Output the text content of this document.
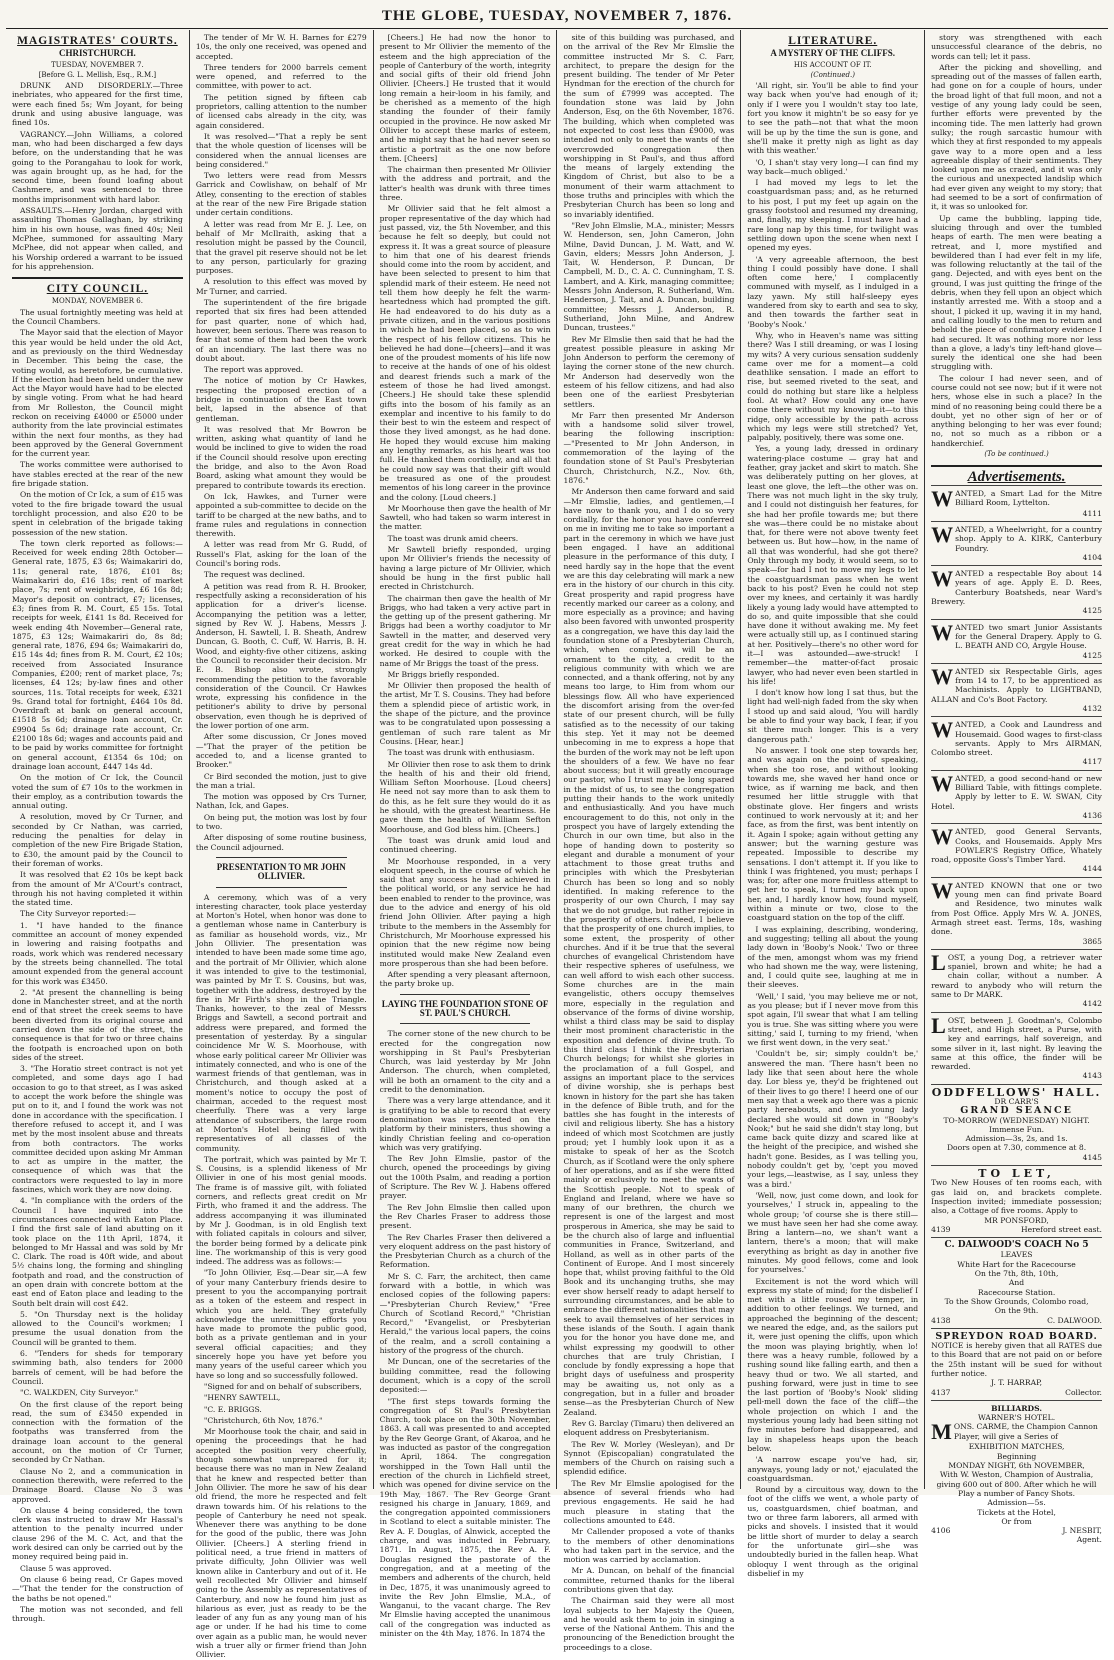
THE GLOBE, TUESDAY, NOVEMBER 7, 1876.
MAGISTRATES' COURTS.
CHRISTCHURCH.
TUESDAY, NOVEMBER 7.
[Before G. L. Mellish, Esq., R.M.]

DRUNK AND DISORDERLY.—Three inebriates, who appeared for the first time, were each fined 5s; Wm Joyant, for being drunk and using abusive language, was fined 10s.

VAGRANCY.—John Williams, a colored man, who had been discharged a few days before, on the understanding that he was going to the Porangahau to look for work, was again brought up, as he had, for the second time, been found loafing about Cashmere, and was sentenced to three months imprisonment with hard labor.

ASSAULTS.—Henry Jordan, charged with assaulting Thomas Gallaghan, by striking him in his own house, was fined 40s; Neil McPhee, summoned for assaulting Mary McPhee, did not appear when called, and his Worship ordered a warrant to be issued for his apprehension.

CITY COUNCIL.
MONDAY, NOVEMBER 6.

The usual fortnightly meeting was held at the Council Chambers.

The Mayor said that the election of Mayor this year would be held under the old Act, and as previously on the third Wednesday in December. This being the case, the voting would, as heretofore, be cumulative. If the election had been held under the new Act the Mayor would have had to be elected by single voting. From what he had heard from Mr Rolleston, the Council might reckon on receiving £4000 or £5000 under authority from the late provincial estimates within the next four months, as they had been approved by the General Government for the current year.

The works committee were authorised to have stables erected at the rear of the new fire brigade station.

On the motion of Cr Ick, a sum of £15 was voted to the fire brigade toward the usual torchlight procession, and also £20 to be spent in celebration of the brigade taking possession of the new station.

The town clerk reported as follows:—Received for week ending 28th October—General rate, 1875, £3 6s; Waimakariri do, 11s; general rate, 1876, £101 8s; Waimakariri do, £16 18s; rent of market place, 7s; rent of weighbridge, £6 16s 8d; Mayor's deposit on contract, £7; licenses, £3; fines from R. M. Court, £5 15s. Total receipts for week, £141 1s 8d. Received for week ending 4th November—General rate, 1875, £3 12s; Waimakariri do, 8s 8d; general rate, 1876, £94 6s; Waimakariri do, £15 14s 4d; fines from R. M. Court, £2 10s; received from Associated Insurance Companies, £200; rent of market place, 7s; licenses, £4 12s; by-law fines and other sources, 11s. Total receipts for week, £321 9s. Grand total for fortnight, £464 10s 8d. Overdraft at bank on general account, £1518 5s 6d; drainage loan account, Cr. £9904 5s 6d; drainage rate account, Cr. £2100 18s 6d; wages and accounts paid and to be paid by works committee for fortnight on general account, £1354 6s 10d; on drainage loan account, £447 14s 4d.

On the motion of Cr Ick, the Council voted the sum of £7 10s to the workmen in their employ, as a contribution towards the annual outing.

A resolution, moved by Cr Turner, and seconded by Cr Nathan, was carried, reducing the penalties for delay in completion of the new Fire Brigade Station, to £30, the amount paid by the Council to their foreman of works.

It was resolved that £2 10s be kept back from the amount of Mr A'Court's contract, through his not having completed it within the stated time.

The City Surveyor reported:—

1. "I have handed to the finance committee an account of money expended in lowering and raising footpaths and roads, work which was rendered necessary by the streets being channelled. The total amount expended from the general account for this work was £3450.

2. "At present the channelling is being done in Manchester street, and at the north end of that street the creek seems to have been diverted from its original course and carried down the side of the street, the consequence is that for two or three chains the footpath is encroached upon on both sides of the street.

3. "The Horatio street contract is not yet completed, and some days ago I had occasion to go to that street, as I was asked to accept the work before the shingle was put on to it, and I found the work was not done in accordance with the specification. I therefore refused to accept it, and I was met by the most insolent abuse and threats from both contractors. The works committee decided upon asking Mr Amman to act as umpire in the matter, the consequence of which was that the contractors were requested to lay in more fascines, which work they are now doing.

4. "In compliance with the orders of the Council I have inquired into the circumstances connected with Eaton Place. I find the first sale of land abutting on it took place on the 11th April, 1874, it belonged to Mr Hassal and was sold by Mr C. Clark. The road is 40ft wide, and about 5½ chains long, the forming and shingling footpath and road, and the construction of an open drain with concrete bottom at the east end of Eaton place and leading to the South belt drain will cost £42.

5. "On Thursday next is the holiday allowed to the Council's workmen; I presume the usual donation from the Council will be granted to them.

6. "Tenders for sheds for temporary swimming bath, also tenders for 2000 barrels of cement, will be had before the Council.

"C. WALKDEN, City Surveyor."

On the first clause of the report being read, the sum of £3450 expended in connection with the formation of the footpaths was transferred from the drainage loan account to the general account, on the motion of Cr Turner, seconded by Cr Nathan.

Clause No 2, and a communication in connection therewith, were referred to the Drainage Board. Clause No 3 was approved.

On clause 4 being considered, the town clerk was instructed to draw Mr Hassal's attention to the penalty incurred under clause 296 of the M. C. Act, and that the work desired can only be carried out by the money required being paid in.

Clause 5 was approved.

On clause 6 being read, Cr Gapes moved—"That the tender for the construction of the baths be not opened."

The motion was not seconded, and fell through.

The tender of Mr W. H. Barnes for £279 10s, the only one received, was opened and accepted.

Three tenders for 2000 barrels cement were opened, and referred to the committee, with power to act.

The petition signed by fifteen cab proprietors, calling attention to the number of licensed cabs already in the city, was again considered.

It was resolved—"That a reply be sent that the whole question of licenses will be considered when the annual licenses are being considered."

Two letters were read from Messrs Garrick and Cowlishaw, on behalf of Mr Atley, consenting to the erection of stables at the rear of the new Fire Brigade station under certain conditions.

A letter was read from Mr E. J. Lee, on behalf of Mr McIlraith, asking that a resolution might be passed by the Council, that the gravel pit reserve should not be let to any person, particularly for grazing purposes.

A resolution to this effect was moved by Mr Turner, and carried.

The superintendent of the fire brigade reported that six fires had been attended for past quarter, none of which had, however, been serious. There was reason to fear that some of them had been the work of an incendiary. The last there was no doubt about.

The report was approved.

The notice of motion by Cr Hawkes, respecting the proposed erection of a bridge in continuation of the East town belt, lapsed in the absence of that gentleman.

It was resolved that Mr Bowron be written, asking what quantity of land he would be inclined to give to widen the road if the Council should resolve upon erecting the bridge, and also to the Avon Road Board, asking what amount they would be prepared to contribute towards its erection.

On Ick, Hawkes, and Turner were appointed a sub-committee to decide on the tariff to be charged at the new baths, and to frame rules and regulations in connection therewith.

A letter was read from Mr G. Rudd, of Russell's Flat, asking for the loan of the Council's boring rods.

The request was declined.

A petition was read from R. H. Brooker, respectfully asking a reconsideration of his application for a driver's license. Accompanying the petition was a letter, signed by Rev W. J. Habens, Messrs J. Anderson, H. Sawtell, I. B. Sheath, Andrew Duncan, G. Booth, C. Cuff, W. Harris, B. H. Wood, and eighty-five other citizens, asking the Council to reconsider their decision. Mr E. B. Bishop also wrote, strongly recommending the petition to the favorable consideration of the Council. Cr Hawkes wrote, expressing his confidence in the petitioner's ability to drive by personal observation, even though he is deprived of the lower portion of one arm.

After some discussion, Cr Jones moved—"That the prayer of the petition be acceded to, and a license granted to Brooker."

Cr Bird seconded the motion, just to give the man a trial.

The motion was opposed by Crs Turner, Nathan, Ick, and Gapes.

On being put, the motion was lost by four to two.

After disposing of some routine business, the Council adjourned.

PRESENTATION TO MR JOHN OLLIVIER.

A ceremony, which was of a very interesting character, took place yesterday at Morton's Hotel, when honor was done to a gentleman whose name in Canterbury is as familiar as household words, viz., Mr John Ollivier. The presentation was intended to have been made some time ago, and the portrait of Mr Ollivier, which alone it was intended to give to the testimonial, was painted by Mr T. S. Cousins, but was, together with the address, destroyed by the fire in Mr Firth's shop in the Triangle. Thanks, however, to the zeal of Messrs Briggs and Sawtell, a second portrait and address were prepared, and formed the presentation of yesterday. By a singular coincidence Mr W. S. Moorhouse, with whose early political career Mr Ollivier was intimately connected, and who is one of the warmest friends of that gentleman, was in Christchurch, and though asked at a moment's notice to occupy the post of chairman, acceded to the request most cheerfully. There was a very large attendance of subscribers, the large room at Morton's Hotel being filled with representatives of all classes of the community.

The portrait, which was painted by Mr T. S. Cousins, is a splendid likeness of Mr Ollivier in one of his most genial moods. The frame is of massive gilt, with foliated corners, and reflects great credit on Mr Firth, who framed it and the address. The address accompanying it was illuminated by Mr J. Goodman, is in old English text with foliated capitals in colours and silver, the border being formed by a delicate pink line. The workmanship of this is very good indeed. The address was as follows:—

"To John Ollivier, Esq.—Dear sir,—A few of your many Canterbury friends desire to present to you the accompanying portrait as a token of the esteem and respect in which you are held. They gratefully acknowledge the unremitting efforts you have made to promote the public good, both as a private gentleman and in your several official capacities; and they sincerely hope you have yet before you many years of the useful career which you have so long and so successfully followed.

"Signed for and on behalf of subscribers,

"HENRY SAWTELL,

"C. E. BRIGGS.

"Christchurch, 6th Nov, 1876."

Mr Moorhouse took the chair, and said in opening the proceedings that he had accepted the position very cheerfully, though somewhat unprepared for it; because there was no man in New Zealand that he knew and respected better than John Ollivier. The more he saw of his dear old friend, the more he respected and felt drawn towards him. Of his relations to the people of Canterbury he need not speak. Whenever there was anything to be done for the good of the public, there was John Ollivier. [Cheers.] A sterling friend in political need, a true friend in matters of private difficulty, John Ollivier was well known alike in Canterbury and out of it. He well recollected Mr Ollivier and himself going to the Assembly as representatives of Canterbury, and now he found him just as hilarious as ever, just as ready to be the leader of any fun as any young man of his age or under. If he had his time to come over again as a public man, he would never wish a truer ally or firmer friend than John Ollivier.

[Cheers.] He had now the honor to present to Mr Ollivier the memento of the esteem and the high appreciation of the people of Canterbury of the worth, integrity and social gifts of their old friend John Ollivier. [Cheers.] He trusted that it would long remain a heir-loom in his family, and be cherished as a memento of the high standing the founder of their family occupied in the province. He now asked Mr Ollivier to accept these marks of esteem, and he might say that he had never seen so artistic a portrait as the one now before them. [Cheers]

The chairman then presented Mr Ollivier with the address and portrait, and the latter's health was drunk with three times three.

Mr Ollivier said that he felt almost a proper representative of the day which had just passed, viz, the 5th November, and this because he felt so deeply, but could not express it. It was a great source of pleasure to him that one of his dearest friends should come into the room by accident, and have been selected to present to him that splendid mark of their esteem. He need not tell them how deeply he felt the warm-heartedness which had prompted the gift. He had endeavored to do his duty as a private citizen, and in the various positions in which he had been placed, so as to win the respect of his fellow citizens. This he believed he had done—[cheers]—and it was one of the proudest moments of his life now to receive at the hands of one of his oldest and dearest friends such a mark of the esteem of those he had lived amongst. [Cheers.] He should take these splendid gifts into the bosom of his family as an exemplar and incentive to his family to do their best to win the esteem and respect of those they lived amongst, as he had done. He hoped they would excuse him making any lengthy remarks, as his heart was too full. He thanked them cordially, and all that he could now say was that their gift would be treasured as one of the proudest mementos of his long career in the province and the colony. [Loud cheers.]

Mr Moorhouse then gave the health of Mr Sawtell, who had taken so warm interest in the matter.

The toast was drunk amid cheers.

Mr Sawtell briefly responded, urging upon Mr Ollivier's friends the necessity of having a large picture of Mr Ollivier, which should be hung in the first public hall erected in Christchurch.

The chairman then gave the health of Mr Briggs, who had taken a very active part in the getting up of the present gathering. Mr Briggs had been a worthy coadjutor to Mr Sawtell in the matter, and deserved very great credit for the way in which he had worked. He desired to couple with the name of Mr Briggs the toast of the press.

Mr Briggs briefly responded.

Mr Ollivier then proposed the health of the artist, Mr T. S. Cousins. They had before them a splendid piece of artistic work, in the shape of the picture, and the province was to be congratulated upon possessing a gentleman of such rare talent as Mr Cousins. [Hear, hear.]

The toast was drunk with enthusiasm.

Mr Ollivier then rose to ask them to drink the health of his and their old friend, William Sefton Moorhouse. [Loud cheers] He need not say more than to ask them to do this, as he felt sure they would do it as he should, with the greatest heartiness. He gave them the health of William Sefton Moorhouse, and God bless him. [Cheers.]

The toast was drunk amid loud and continued cheering.

Mr Moorhouse responded, in a very eloquent speech, in the course of which he said that any success he had achieved in the political world, or any service he had been enabled to render to the province, was due to the advice and energy of his old friend John Ollivier. After paying a high tribute to the members in the Assembly for Christchurch, Mr Moorhouse expressed his opinion that the new régime now being instituted would make New Zealand even more prosperous than she had been before.

After spending a very pleasant afternoon, the party broke up.

LAYING THE FOUNDATION STONE OF ST. PAUL'S CHURCH.

The corner stone of the new church to be erected for the congregation now worshipping in St Paul's Presbyterian Church, was laid yesterday by Mr John Anderson. The church, when completed, will be both an ornament to the city and a credit to the denomination.

There was a very large attendance, and it is gratifying to be able to record that every denomination was represented on the platform by their ministers, thus showing a kindly Christian feeling and co-operation which was very gratifying.

The Rev John Elmslie, pastor of the church, opened the proceedings by giving out the 100th Psalm, and reading a portion of Scripture. The Rev W. J. Habens offered prayer.

The Rev John Elmslie then called upon the Rev Charles Fraser to address those present.

The Rev Charles Fraser then delivered a very eloquent address on the past history of the Presbyterian Church as a church of the Reformation.

Mr S. C. Farr, the architect, then came forward with a bottle, in which was enclosed copies of the following papers:—"Presbyterian Church Review," "Free Church of Scotland Record," "Christian Record," "Evangelist, or Presbyterian Herald," the various local papers, the coins of the realm, and a scroll containing a history of the progress of the church.

Mr Duncan, one of the secretaries of the building committee, read the following document, which is a copy of the scroll deposited:—

"The first steps towards forming the congregation of St Paul's Presbyterian Church, took place on the 30th November, 1863. A call was presented to and accepted by the Rev George Grant, of Akaroa, and he was inducted as pastor of the congregation in April, 1864. The congregation worshipped in the Town Hall until the erection of the church in Lichfield street, which was opened for divine service on the 19th May, 1867. The Rev George Grant resigned his charge in January, 1869, and the congregation appointed commissioners in Scotland to elect a suitable minister. The Rev A. F. Douglas, of Alnwick, accepted the charge, and was inducted in February, 1871. In August, 1875, the Rev A. F. Douglas resigned the pastorate of the congregation, and at a meeting of the members and adherents of the church, held in Dec, 1875, it was unanimously agreed to invite the Rev John Elmslie, M.A., of Wanganui, to the vacant charge. The Rev Mr Elmslie having accepted the unanimous call of the congregation was inducted as minister on the 4th May, 1876. In 1874 the

site of this building was purchased, and on the arrival of the Rev Mr Elmslie the committee instructed Mr S. C. Farr, architect, to prepare the design for the present building. The tender of Mr Peter Hyndman for the erection of the church for the sum of £7999 was accepted. The foundation stone was laid by John Anderson, Esq, on the 6th November, 1876. The building, which when completed was not expected to cost less than £9000, was intended not only to meet the wants of the overcrowded congregation then worshipping in St Paul's, and thus afford the means of largely extending the Kingdom of Christ, but also to be a monument of their warm attachment to those truths and principles with which the Presbyterian Church has been so long and so invariably identified.

"Rev John Elmslie, M.A., minister; Messrs W. Henderson, sen, John Cameron, John Milne, David Duncan, J. M. Watt, and W. Gavin, elders; Messrs John Anderson, J. Tait, W. Henderson, P. Duncan, Dr Campbell, M. D., C. A. C. Cunningham, T. S. Lambert, and A. Kirk, managing committee; Messrs John Anderson, R. Sutherland, Wm. Henderson, J. Tait, and A. Duncan, building committee; Messrs J. Anderson, R. Sutherland, John Milne, and Andrew Duncan, trustees."

Rev Mr Elmslie then said that he had the greatest possible pleasure in asking Mr John Anderson to perform the ceremony of laying the corner stone of the new church. Mr Anderson had deservedly won the esteem of his fellow citizens, and had also been one of the earliest Presbyterian settlers.

Mr Farr then presented Mr Anderson with a handsome solid silver trowel, bearing the following inscription:—"Presented to Mr John Anderson, in commemoration of the laying of the foundation stone of St Paul's Presbyterian Church, Christchurch, N.Z., Nov. 6th, 1876."

Mr Anderson then came forward and said—Mr Elmslie, ladies, and gentlemen,—I have now to thank you, and I do so very cordially, for the honor you have conferred on me in inviting me to take so important a part in the ceremony in which we have just been engaged. I have an additional pleasure in the performance of this duty, I need hardly say in the hope that the event we are this day celebrating will mark a new era in the history of our church in this city. Great prosperity and rapid progress have recently marked our career as a colony, and more especially as a province; and having also been favored with unwonted prosperity as a congregation, we have this day laid the foundation stone of a Presbyterian Church, which, when completed, will be an ornament to the city, a credit to the religious community with which we are connected, and a thank offering, not by any means too large, to Him from whom our blessings flow. All who have experienced the discomfort arising from the over-fed state of our present church, will be fully satisfied as to the necessity of our taking this step. Yet it may not be deemed unbecoming in me to express a hope that the burden of the work may not be left upon the shoulders of a few. We have no fear about success; but it will greatly encourage our pastor, who I trust may be long spared in the midst of us, to see the congregation putting their hands to the work unitedly and enthusiastically. And you have much encouragement to do this, not only in the prospect you have of largely extending the Church in our own time, but also in the hope of handing down to posterity so elegant and durable a monument of your attachment to those great truths and principles with which the Presbyterian Church has been so long and so nobly identified. In making reference to the prosperity of our own Church, I may say that we do not grudge, but rather rejoice in the prosperity of others. Indeed, I believe that the prosperity of one church implies, to some extent, the prosperity of other churches. And if it be true that the several churches of evangelical Christendom have their respective spheres of usefulness, we can well afford to wish each other success. Some churches are in the main evangelistic, others occupy themselves more, especially in the regulation and observance of the forms of divine worship, whilst a third class may be said to display their most prominent characteristic in the exposition and defence of divine truth. To this third class I think the Presbyterian Church belongs; for whilst she glories in the proclamation of a full Gospel, and assigns an important place to the services of divine worship, she is perhaps best known in history for the part she has taken in the defence of Bible truth, and for the battles she has fought in the interests of civil and religious liberty. She has a history indeed of which most Scotchmen are justly proud; yet I humbly look upon it as a mistake to speak of her as the Scotch Church, as if Scotland were the only sphere of her operations, and as if she were fitted mainly or exclusively to meet the wants of the Scottish people. Not to speak of England and Ireland, where we have so many of our brethren, the church we represent is one of the largest and most prosperous in America, she may be said to be the church also of large and influential communities in France, Switzerland, and Holland, as well as in other parts of the Continent of Europe. And I most sincerely hope that, whilst proving faithful to the Old Book and its unchanging truths, she may ever show herself ready to adapt herself to surrounding circumstances, and be able to embrace the different nationalities that may seek to avail themselves of her services in these islands of the South. I again thank you for the honor you have done me, and whilst expressing my goodwill to other churches that are truly Christian, I conclude by fondly expressing a hope that bright days of usefulness and prosperity may be awaiting us, not only as a congregation, but in a fuller and broader sense—as the Presbyterian Church of New Zealand.

Rev G. Barclay (Timaru) then delivered an eloquent address on Presbyterianism.

The Rev W. Morley (Wesleyan), and Dr Synnot (Episcopalian) congratulated the members of the Church on raising such a splendid edifice.

The Rev Mr Elmslie apologised for the absence of several friends who had previous engagements. He said he had much pleasure in stating that the collections amounted to £48.

Mr Callender proposed a vote of thanks to the members of other denominations who had taken part in the service, and the motion was carried by acclamation.

Mr A. Duncan, on behalf of the financial committee, returned thanks for the liberal contributions given that day.

The Chairman said they were all most loyal subjects to her Majesty the Queen, and he would ask them to join in singing a verse of the National Anthem. This and the pronouncing of the Benediction brought the proceedings to a close.

LITERATURE.
A MYSTERY OF THE CLIFFS.
HIS ACCOUNT OF IT.
(Continued.)

'All right, sir. You'll be able to find your way back when you've had enough of it; only if I were you I wouldn't stay too late, fort you know it mightn't be so easy for ye to see the path—not that what the moon will be up by the time the sun is gone, and she'll make it pretty nigh as light as day with this weather.'

'O, I shan't stay very long—I can find my way back—much obliged.'

I had moved my legs to let the coastguardsman pass; and, as he returned to his post, I put my feet up again on the grassy footstool and resumed my dreaming, and, finally, my sleeping. I must have had a rare long nap by this time, for twilight was settling down upon the scene when next I opened my eyes.

'A very agreeable afternoon, the best thing I could possibly have done. I shall often come here,' I complacently communed with myself, as I indulged in a lazy yawn. My still half-sleepy eyes wandered from sky to earth and sea to sky, and then towards the farther seat in 'Booby's Nook.'

Why, who in Heaven's name was sitting there? Was I still dreaming, or was I losing my wits? A very curious sensation suddenly came over me for a moment—a cold deathlike sensation. I made an effort to rise, but seemed riveted to the seat, and could do nothing but stare like a helpless fool. At what? How could any one have come there without my knowing it—to this ridge, only accessible by the path across which my legs were still stretched? Yet, palpably, positively, there was some one.

Yes, a young lady, dressed in ordinary watering-place costume — gray hat and feather, gray jacket and skirt to match. She was deliberately putting on her gloves, at least one glove, the left—the other was on. There was not much light in the sky truly, and I could not distinguish her features, for she had her profile towards me; but there she was—there could be no mistake about that, for there were not above twenty feet between us. But how—how, in the name of all that was wonderful, had she got there? Only through my body, it would seem, so to speak—for had I not to move my legs to let the coastguardsman pass when he went back to his post? Even he could not step over my knees, and certainly it was hardly likely a young lady would have attempted to do so, and quite impossible that she could have done it without awaking me. My feet were actually still up, as I continued staring at her. Positively—there's no other word for it—I was astounded—awe-struck! I remember—the matter-of-fact prosaic lawyer, who had never even been startled in his life!

I don't know how long I sat thus, but the light had well-nigh faded from the sky when I stood up and said aloud, 'You will hardly be able to find your way back, I fear, if you sit there much longer. This is a very dangerous path.'

No answer. I took one step towards her, and was again on the point of speaking, when she too rose, and without looking towards me, she waved her hand once or twice, as if warning me back, and then resumed her little struggle with that obstinate glove. Her fingers and wrists continued to work nervously at it; and her face, as from the first, was bent intently on it. Again I spoke; again without getting any answer; but the warning gesture was repeated. Impossible to describe my sensations. I don't attempt it. If you like to think I was frightened, you must; perhaps I was; for, after one more fruitless attempt to get her to speak, I turned my back upon her, and, I hardly know how, found myself, within a minute or two, close to the coastguard station on the top of the cliff.

I was explaining, describing, wondering, and suggesting; telling all about the young lady down in 'Booby's Nook.' Two or three of the men, amongst whom was my friend who had shown me the way, were listening, and, I could quite see, laughing at me in their sleeves.

'Well,' I said, 'you may believe me or not, as you please; but if I never move from this spot again, I'll swear that what I am telling you is true. She was sitting where you were sitting,' said I, turning to my friend, 'when we first went down, in the very seat.'

'Couldn't be, sir; simply couldn't be,' answered the man. 'There hasn't been no lady like that seen about here the whole day. Lor bless ye, they'd be frightened out of their lives to go there! I heerd one of our men say that a week ago there was a picnic party hereabouts, and one young lady declared she would sit down in "Booby's Nook;" but he said she didn't stay long, but came back quite dizzy and scared like at the height of the precipice, and wished she hadn't gone. Besides, as I was telling you, nobody couldn't get by, 'cept you moved your legs,—leastwise, as I say, unless they was a bird.'

'Well, now, just come down, and look for yourselves,' I struck in, appealing to the whole group; 'of course she is there still—we must have seen her had she come away. Bring a lantern—no, we shan't want a lantern, there's a moon; that will make everything as bright as day in another five minutes. My good fellows, come and look for yourselves.'

Excitement is not the word which will express my state of mind; for the disbelief I met with a little roused my temper, in addition to other feelings. We turned, and approached the beginning of the descent; we neared the edge, and, as the sailors put it, were just opening the cliffs, upon which the moon was playing brightly, when lo! there was a heavy rumble, followed by a rushing sound like falling earth, and then a heavy thud or two. We all started, and pushing forward, were just in time to see the last portion of 'Booby's Nook' sliding pell-mell down the face of the cliff—the whole projection on which I and the mysterious young lady had been sitting not five minutes before had disappeared, and lay in shapeless heaps upon the beach below.

'A narrow escape you've had, sir, anyways, young lady or not,' ejaculated the coastguardsman.

Round by a circuitous way, down to the foot of the cliffs we went, a whole party of us, coastguardsmen, chief boatman, and two or three farm laborers, all armed with picks and shovels. I insisted that it would be little short of murder to delay a search for the unfortunate girl—she was undoubtedly buried in the fallen heap. What obloquy I went through as the original disbelief in my

story was strengthened with each unsuccessful clearance of the debris, no words can tell; let it pass.

After the picking and shovelling, and spreading out of the masses of fallen earth, had gone on for a couple of hours, under the broad light of that full moon, and not a vestige of any young lady could be seen, further efforts were prevented by the incoming tide. The men latterly had grown sulky; the rough sarcastic humour with which they at first responded to my appeals gave way to a more open and a less agreeable display of their sentiments. They looked upon me as crazed, and it was only the curious and unexpected landslip which had ever given any weight to my story; that had seemed to be a sort of confirmation of it, it was so unlooked for.

Up came the bubbling, lapping tide, sluicing through and over the tumbled heaps of earth. The men were beating a retreat, and I, more mystified and bewildered than I had ever felt in my life, was following reluctantly at the tail of the gang. Dejected, and with eyes bent on the ground, I was just quitting the fringe of the debris, when they fell upon an object which instantly arrested me. With a stoop and a shout, I picked it up, waving it in my hand, and calling loudly to the men to return and behold the piece of confirmatory evidence I had secured. It was nothing more nor less than a glove, a lady's tiny left-hand glove—surely the identical one she had been struggling with.

The colour I had never seen, and of course could not see now; but if it were not hers, whose else in such a place? In the mind of no reasoning being could there be a doubt, yet no other sign of her or of anything belonging to her was ever found; no, not so much as a ribbon or a handkerchief.

(To be continued.)
Advertisements.
WANTED, a Smart Lad for the Mitre Billiard Room, Lyttelton.
4111
WANTED, a Wheelwright, for a country shop. Apply to A. KIRK, Canterbury Foundry.
4104
WANTED a respectable Boy about 14 years of age. Apply E. D. Rees, Canterbury Boatsheds, near Ward's Brewery.
4125
WANTED two smart Junior Assistants for the General Drapery. Apply to G. L. BEATH AND CO, Argyle House.
4125
WANTED six Respectable Girls, ages from 14 to 17, to be apprenticed as Machinists. Apply to LIGHTBAND, ALLAN and Co's Boot Factory.
4132
WANTED, a Cook and Laundress and Housemaid. Good wages to first-class servants. Apply to Mrs AIRMAN, Colombo street.
4117
WANTED, a good second-hand or new Billiard Table, with fittings complete. Apply by letter to E. W. SWAN, City Hotel.
4136
WANTED, good General Servants, Cooks, and Housemaids. Apply Mrs FOWLER'S Registry Office, Whately road, opposite Goss's Timber Yard.
4144
WANTED KNOWN that one or two young men can find private Board and Residence, two minutes walk from Post Office. Apply Mrs W. A. JONES, Armagh street east. Terms, 18s, washing done.
3865
LOST, a young Dog, a retriever water spaniel, brown and white; he had a chain collar, without a number. A reward to anybody who will return the same to Dr MARK.
4142
LOST, between J. Goodman's, Colombo street, and High street, a Purse, with key and earrings, half sovereign, and some silver in it, last night. By leaving the same at this office, the finder will be rewarded.
4143
ODDFELLOWS' HALL.
DR CARR'S
GRAND SEANCE
TO-MORROW (WEDNESDAY) NIGHT.
Immense Fun.
Admission—3s, 2s, and 1s.
Doors open at 7.30, commence at 8.
4145
TO LET,
Two New Houses of ten rooms each, with gas laid on, and brackets complete. Inspection invited; immediate possession; also, a Cottage of five rooms. Apply to
MR PONSFORD,
4139	Hereford street east.
C. DALWOOD'S COACH No 5
LEAVES
White Hart for the Racecourse
On the 7th, 8th, 10th,
And
Racecourse Station.
To the Show Grounds, Colombo road,
On the 9th.
4138	C. DALWOOD.
SPREYDON ROAD BOARD.
NOTICE is hereby given that all RATES due to this Board that are not paid on or before the 25th instant will be sued for without further notice.
J. T. HARRAP,
4137	Collector.
BILLIARDS.
WARNER'S HOTEL.
MONS. CARME, the Champion Cannon Player, will give a Series of
EXHIBITION MATCHES,
Beginning
MONDAY NIGHT, 6th NOVEMBER,
With W. Weston, Champion of Australia, giving 600 out of 800. After which he will Play a number of Fancy Shots.
Admission—5s.
Tickets at the Hotel,
Or from
4106	J. NESBIT,
Agent.
